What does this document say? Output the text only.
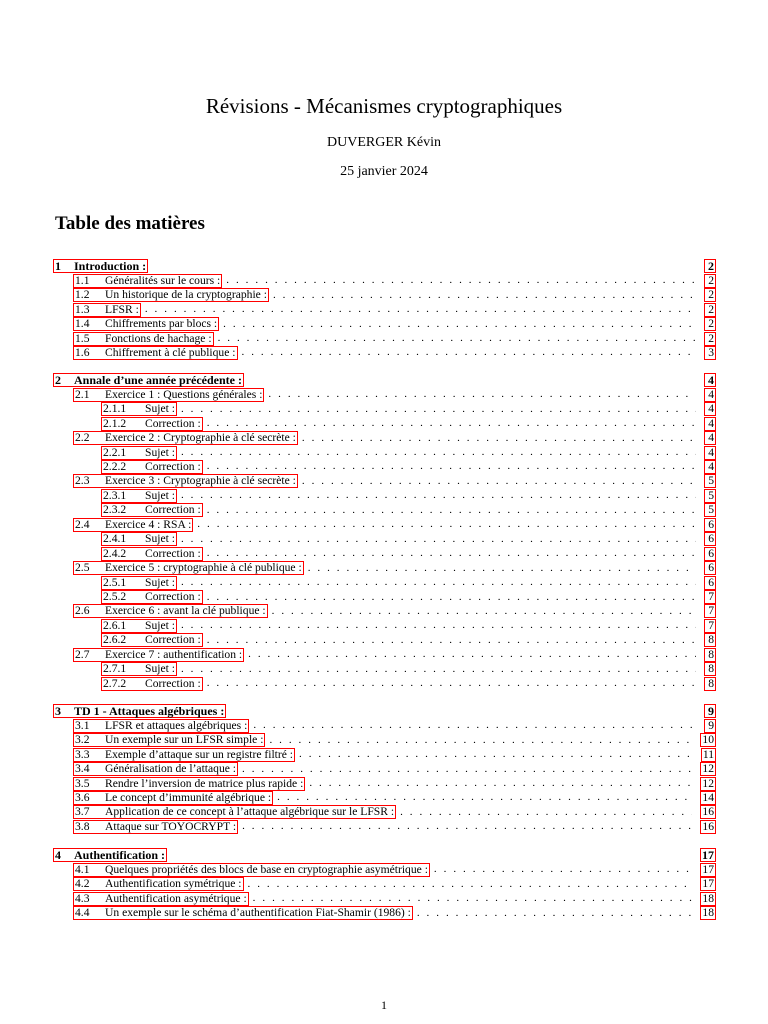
Révisions - Mécanismes cryptographiques
DUVERGER Kévin
25 janvier 2024
Table des matières
1	Introduction :	2
1.1	Généralités sur le cours : . . .	2
1.2	Un historique de la cryptographie : . . .	2
1.3	LFSR : . . .	2
1.4	Chiffrements par blocs : . . .	2
1.5	Fonctions de hachage : . . .	2
1.6	Chiffrement à clé publique : . . .	3
2	Annale d’une année précédente :	4
2.1	Exercice 1 : Questions générales : . . .	4
2.1.1	Sujet : . . .	4
2.1.2	Correction : . . .	4
2.2	Exercice 2 : Cryptographie à clé secrète : . . .	4
2.2.1	Sujet : . . .	4
2.2.2	Correction : . . .	4
2.3	Exercice 3 : Cryptographie à clé secrète : . . .	5
2.3.1	Sujet : . . .	5
2.3.2	Correction : . . .	5
2.4	Exercice 4 : RSA : . . .	6
2.4.1	Sujet : . . .	6
2.4.2	Correction : . . .	6
2.5	Exercice 5 : cryptographie à clé publique : . . .	6
2.5.1	Sujet : . . .	6
2.5.2	Correction : . . .	7
2.6	Exercice 6 : avant la clé publique : . . .	7
2.6.1	Sujet : . . .	7
2.6.2	Correction : . . .	8
2.7	Exercice 7 : authentification : . . .	8
2.7.1	Sujet : . . .	8
2.7.2	Correction : . . .	8
3	TD 1 - Attaques algébriques :	9
3.1	LFSR et attaques algébriques : . . .	9
3.2	Un exemple sur un LFSR simple : . . .	10
3.3	Exemple d’attaque sur un registre filtré : . . .	11
3.4	Généralisation de l’attaque : . . .	12
3.5	Rendre l’inversion de matrice plus rapide : . . .	12
3.6	Le concept d’immunité algébrique : . . .	14
3.7	Application de ce concept à l’attaque algébrique sur le LFSR : . . .	16
3.8	Attaque sur TOYOCRYPT : . . .	16
4	Authentification :	17
4.1	Quelques propriétés des blocs de base en cryptographie asymétrique : . . .	17
4.2	Authentification symétrique : . . .	17
4.3	Authentification asymétrique : . . .	18
4.4	Un exemple sur le schéma d’authentification Fiat-Shamir (1986) : . . .	18
1
